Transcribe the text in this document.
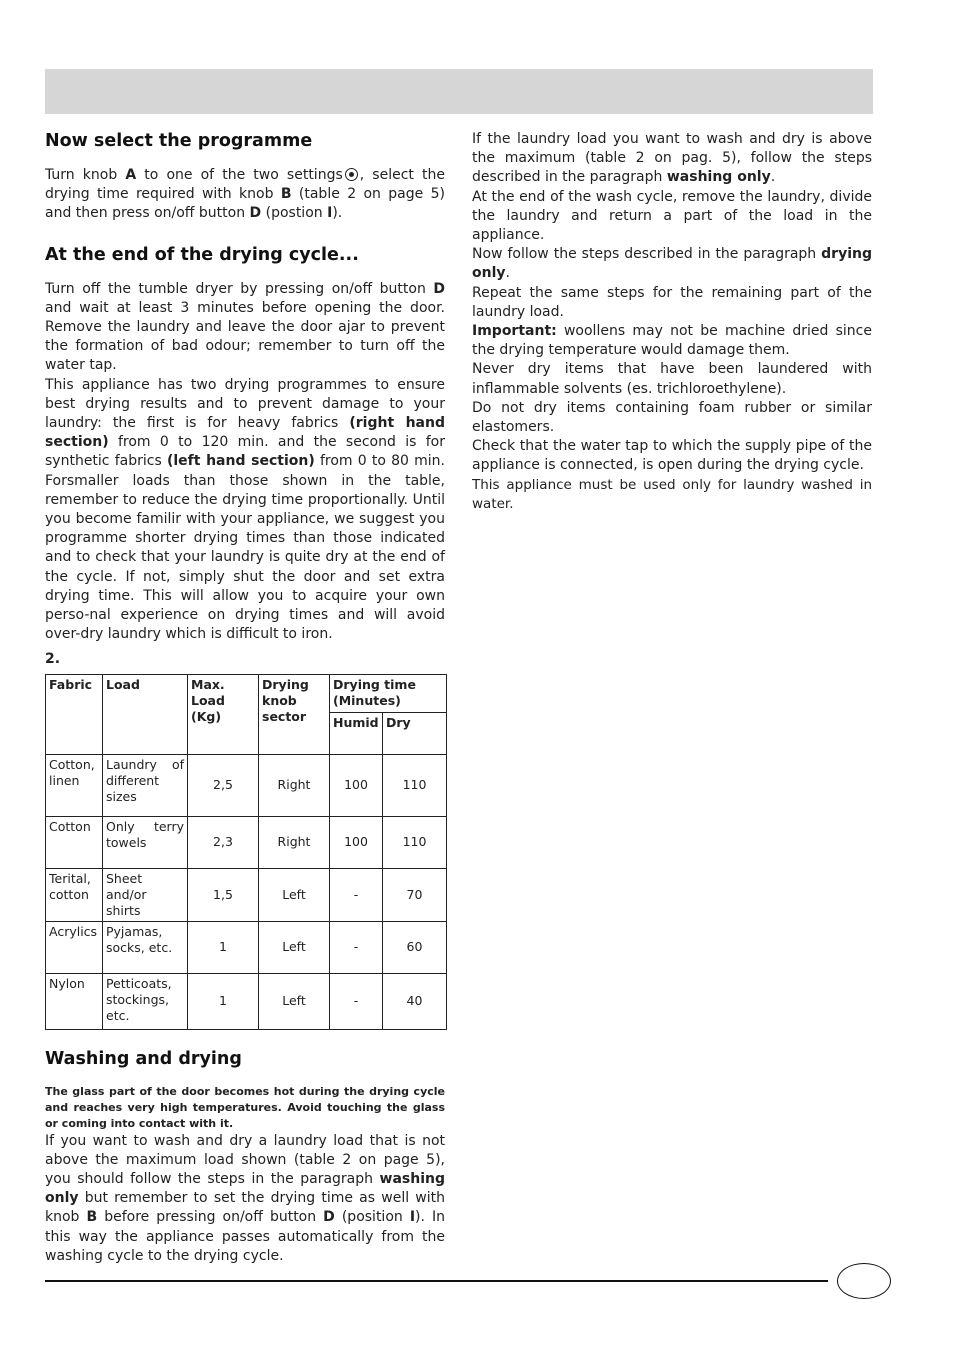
Now select the programme

Turn knob A to one of the two settings , select the drying time required with knob B (table 2 on page 5) and then press on/off button D (postion I).

At the end of the drying cycle...

Turn off the tumble dryer by pressing on/off button D and wait at least 3 minutes before opening the door. Remove the laundry and leave the door ajar to prevent the formation of bad odour; remember to turn off the water tap.

This appliance has two drying programmes to ensure best drying results and to prevent damage to your laundry: the first is for heavy fabrics (right hand section) from 0 to 120 min. and the second is for synthetic fabrics (left hand section) from 0 to 80 min. Forsmaller loads than those shown in the table, remember to reduce the drying time proportionally. Until you become familir with your appliance, we suggest you programme shorter drying times than those indicated and to check that your laundry is quite dry at the end of the cycle. If not, simply shut the door and set extra drying time. This will allow you to acquire your own perso-nal experience on drying times and will avoid over-dry laundry which is difficult to iron.

2.

Fabric	Load	Max. Load (Kg)	Drying knob sector	Drying time (Minutes)	
				Humid	Dry
Cotton, linen	Laundry of different sizes	2,5	Right	100	110
Cotton	Only terry towels	2,3	Right	100	110
Terital, cotton	Sheet and/or shirts	1,5	Left	-	70
Acrylics	Pyjamas, socks, etc.	1	Left	-	60
Nylon	Petticoats, stockings, etc.	1	Left	-	40
Washing and drying

The glass part of the door becomes hot during the drying cycle and reaches very high temperatures. Avoid touching the glass or coming into contact with it.

If you want to wash and dry a laundry load that is not above the maximum load shown (table 2 on page 5), you should follow the steps in the paragraph washing only but remember to set the drying time as well with knob B before pressing on/off button D (position I). In this way the appliance passes automatically from the washing cycle to the drying cycle.

If the laundry load you want to wash and dry is above the maximum (table 2 on pag. 5), follow the steps described in the paragraph washing only.

At the end of the wash cycle, remove the laundry, divide the laundry and return a part of the load in the appliance.

Now follow the steps described in the paragraph drying only.

Repeat the same steps for the remaining part of the laundry load.

Important: woollens may not be machine dried since the drying temperature would damage them.

Never dry items that have been laundered with inflammable solvents (es. trichloroethylene).

Do not dry items containing foam rubber or similar elastomers.

Check that the water tap to which the supply pipe of the appliance is connected, is open during the drying cycle.

This appliance must be used only for laundry washed in water.
